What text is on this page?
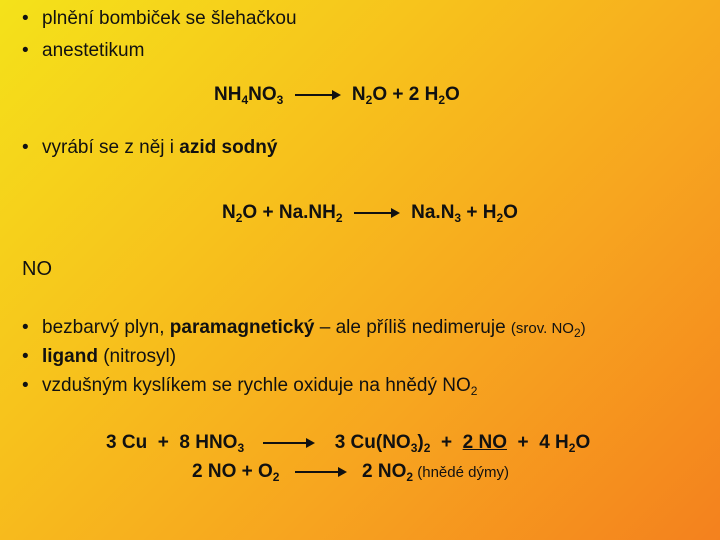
• plnění bombiček se šlehačkou
• anestetikum
$NH_4NO_3$	$N_2O + 2$ $H_2O$
• vyrábí se z něj i azid sodný
$N_2O + Na.NH_2$	$Na.N_3 + H_2O$
NO
• bezbarvý plyn, paramagnetický – ale příliš nedimeruje (srov. $NO_2$)
• ligand (nitrosyl)
• vzdušným kyslíkem se rychle oxiduje na hnědý $NO_2$
3 Cu  +  8 $HNO_3$	3 $Cu(NO_3)_2 + 2$ NO  +  4 $H_2O$
2 NO + $O_2$	2 $NO_2$ (hnědé dýmy)
